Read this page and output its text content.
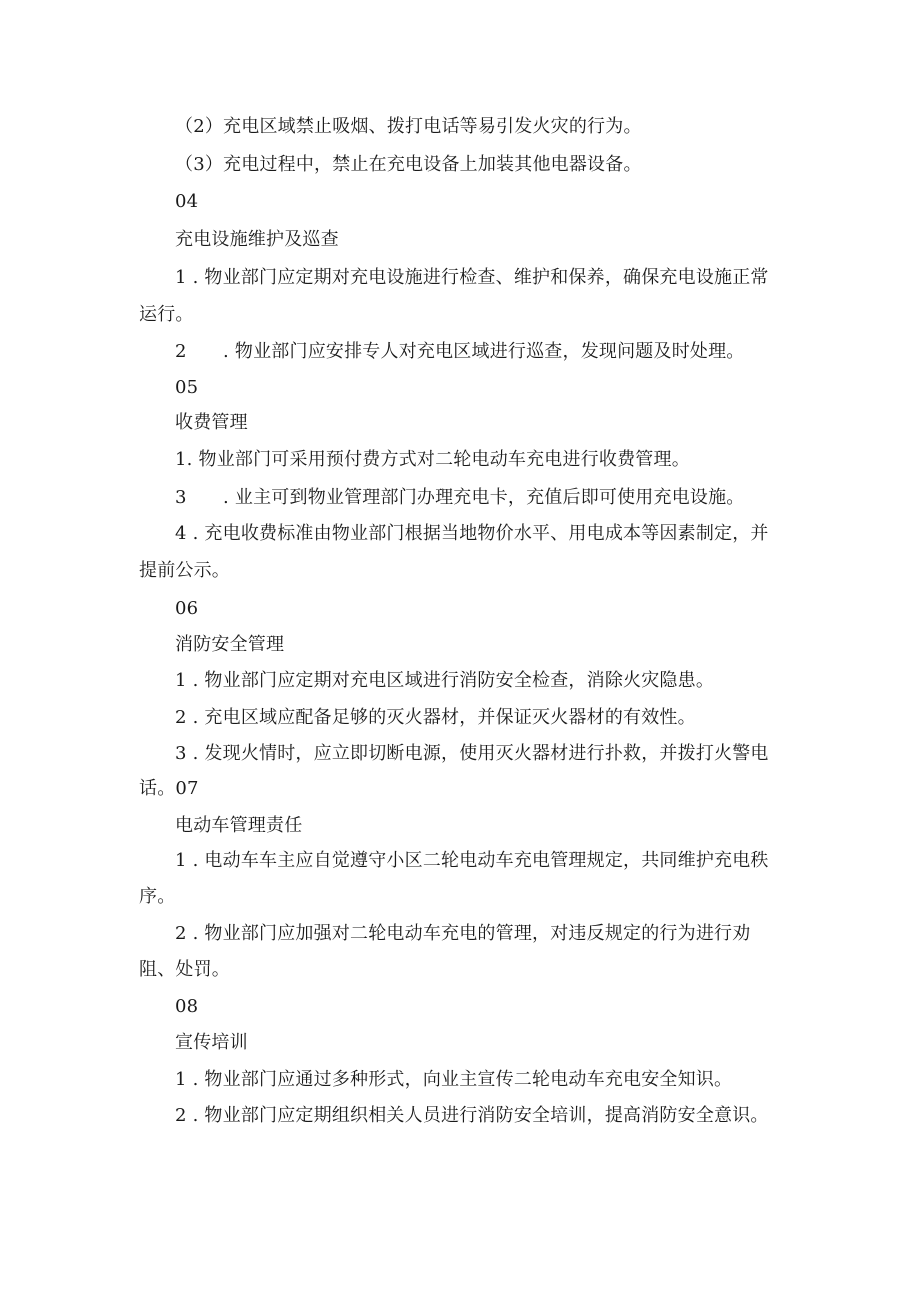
（2）充电区域禁止吸烟、拨打电话等易引发火灾的行为。
（3）充电过程中，禁止在充电设备上加装其他电器设备。
04
充电设施维护及巡查
1 . 物业部门应定期对充电设施进行检查、维护和保养，确保充电设施正常
运行。
2　　. 物业部门应安排专人对充电区域进行巡查，发现问题及时处理。
05
收费管理
1. 物业部门可采用预付费方式对二轮电动车充电进行收费管理。
3　　. 业主可到物业管理部门办理充电卡，充值后即可使用充电设施。
4 . 充电收费标准由物业部门根据当地物价水平、用电成本等因素制定，并
提前公示。
06
消防安全管理
1 . 物业部门应定期对充电区域进行消防安全检查，消除火灾隐患。
2 . 充电区域应配备足够的灭火器材，并保证灭火器材的有效性。
3 . 发现火情时，应立即切断电源，使用灭火器材进行扑救，并拨打火警电
话。07
电动车管理责任
1 . 电动车车主应自觉遵守小区二轮电动车充电管理规定，共同维护充电秩
序。
2 . 物业部门应加强对二轮电动车充电的管理，对违反规定的行为进行劝
阻、处罚。
08
宣传培训
1 . 物业部门应通过多种形式，向业主宣传二轮电动车充电安全知识。
2 . 物业部门应定期组织相关人员进行消防安全培训，提高消防安全意识。
